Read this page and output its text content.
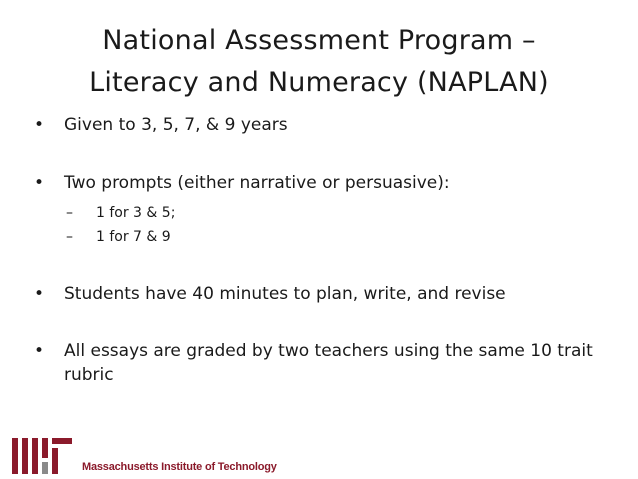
National Assessment Program –
Literacy and Numeracy (NAPLAN)
• Given to 3, 5, 7, & 9 years
• Two prompts (either narrative or persuasive):
– 1 for 3 & 5;
– 1 for 7 & 9
• Students have 40 minutes to plan, write, and revise
• All essays are graded by two teachers using the same 10 trait rubric
Massachusetts Institute of Technology
